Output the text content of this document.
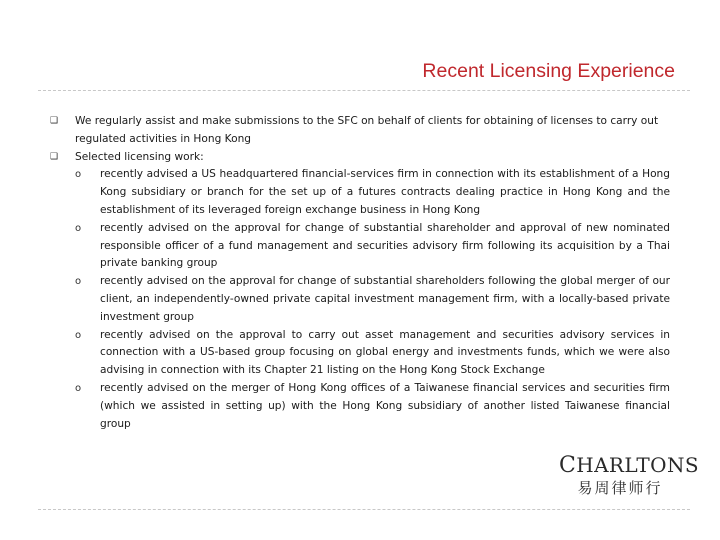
Recent Licensing Experience
❑ We regularly assist and make submissions to the SFC on behalf of clients for obtaining of licenses to carry out regulated activities in Hong Kong
❑ Selected licensing work:
o recently advised a US headquartered financial-services firm in connection with its establishment of a Hong Kong subsidiary or branch for the set up of a futures contracts dealing practice in Hong Kong and the establishment of its leveraged foreign exchange business in Hong Kong
o recently advised on the approval for change of substantial shareholder and approval of new nominated responsible officer of a fund management and securities advisory firm following its acquisition by a Thai private banking group
o recently advised on the approval for change of substantial shareholders following the global merger of our client, an independently-owned private capital investment management firm, with a locally-based private investment group
o recently advised on the approval to carry out asset management and securities advisory services in connection with a US-based group focusing on global energy and investments funds, which we were also advising in connection with its Chapter 21 listing on the Hong Kong Stock Exchange
o recently advised on the merger of Hong Kong offices of a Taiwanese financial services and securities firm (which we assisted in setting up) with the Hong Kong subsidiary of another listed Taiwanese financial group
CHARLTONS
易周律师行
